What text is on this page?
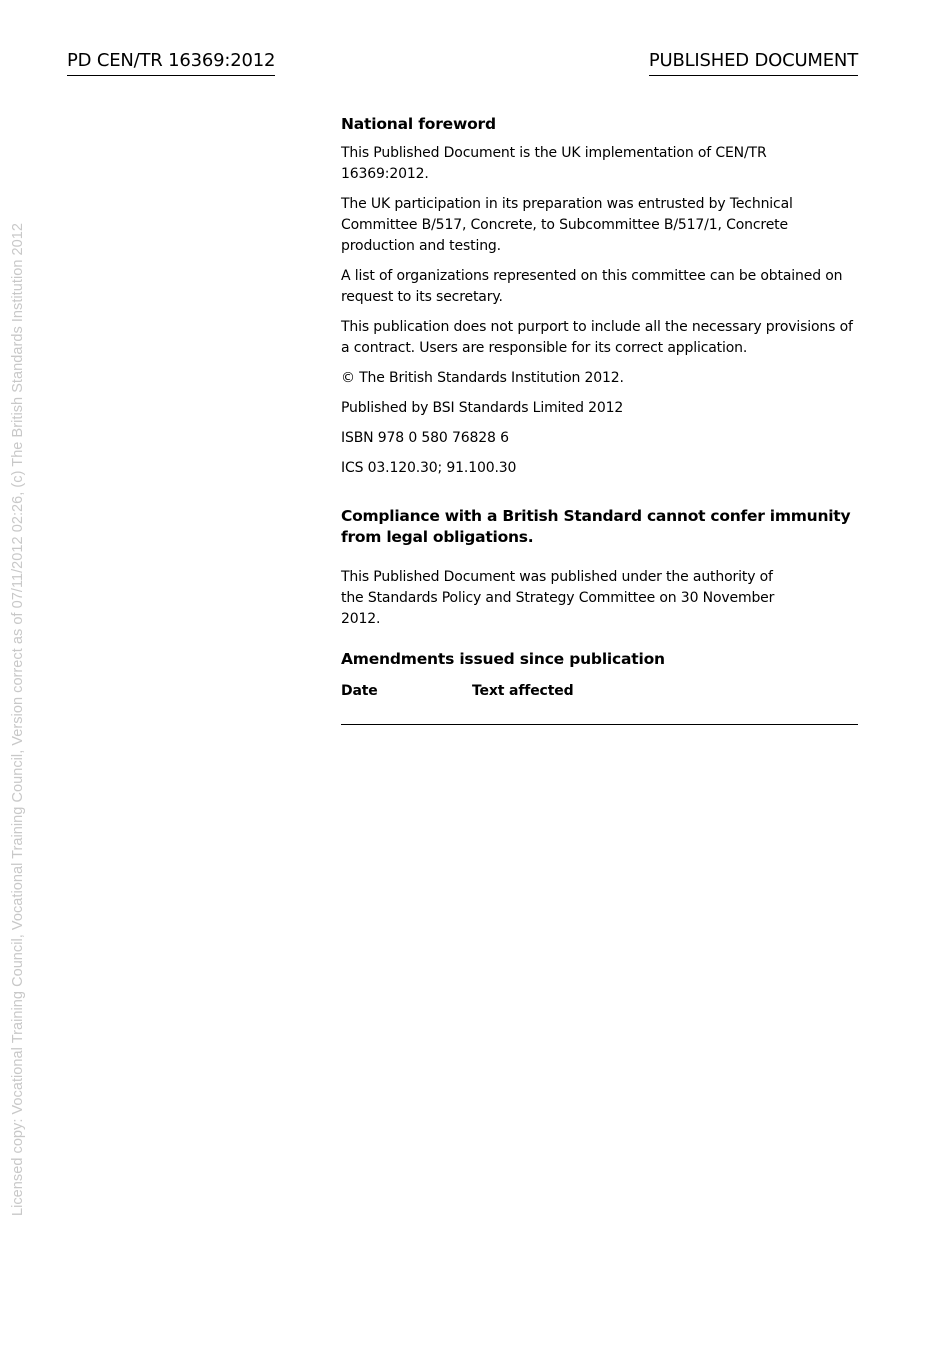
PD CEN/TR 16369:2012	PUBLISHED DOCUMENT
Licensed copy: Vocational Training Council, Vocational Training Council, Version correct as of 07/11/2012 02:26, (c) The British Standards Institution 2012
National foreword

This Published Document is the UK implementation of CEN/TR 16369:2012.

The UK participation in its preparation was entrusted by Technical Committee B/517, Concrete, to Subcommittee B/517/1, Concrete production and testing.

A list of organizations represented on this committee can be obtained on request to its secretary.

This publication does not purport to include all the necessary provisions of a contract. Users are responsible for its correct application.

© The British Standards Institution 2012.

Published by BSI Standards Limited 2012

ISBN 978 0 580 76828 6

ICS 03.120.30; 91.100.30

Compliance with a British Standard cannot confer immunity from legal obligations.

This Published Document was published under the authority of the Standards Policy and Strategy Committee on 30 November 2012.

Amendments issued since publication
Date	Text affected
